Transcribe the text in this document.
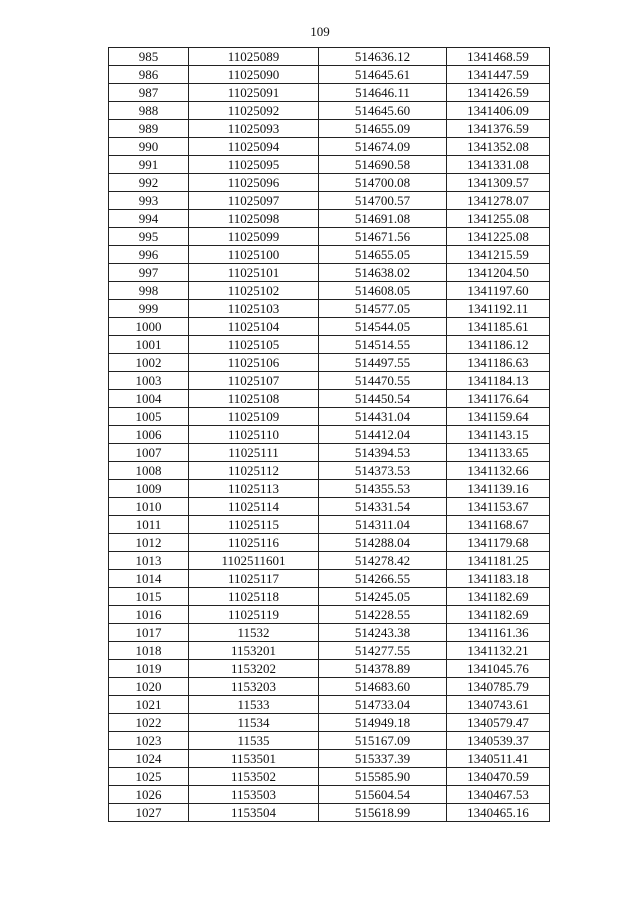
109
985	11025089	514636.12	1341468.59
986	11025090	514645.61	1341447.59
987	11025091	514646.11	1341426.59
988	11025092	514645.60	1341406.09
989	11025093	514655.09	1341376.59
990	11025094	514674.09	1341352.08
991	11025095	514690.58	1341331.08
992	11025096	514700.08	1341309.57
993	11025097	514700.57	1341278.07
994	11025098	514691.08	1341255.08
995	11025099	514671.56	1341225.08
996	11025100	514655.05	1341215.59
997	11025101	514638.02	1341204.50
998	11025102	514608.05	1341197.60
999	11025103	514577.05	1341192.11
1000	11025104	514544.05	1341185.61
1001	11025105	514514.55	1341186.12
1002	11025106	514497.55	1341186.63
1003	11025107	514470.55	1341184.13
1004	11025108	514450.54	1341176.64
1005	11025109	514431.04	1341159.64
1006	11025110	514412.04	1341143.15
1007	11025111	514394.53	1341133.65
1008	11025112	514373.53	1341132.66
1009	11025113	514355.53	1341139.16
1010	11025114	514331.54	1341153.67
1011	11025115	514311.04	1341168.67
1012	11025116	514288.04	1341179.68
1013	1102511601	514278.42	1341181.25
1014	11025117	514266.55	1341183.18
1015	11025118	514245.05	1341182.69
1016	11025119	514228.55	1341182.69
1017	11532	514243.38	1341161.36
1018	1153201	514277.55	1341132.21
1019	1153202	514378.89	1341045.76
1020	1153203	514683.60	1340785.79
1021	11533	514733.04	1340743.61
1022	11534	514949.18	1340579.47
1023	11535	515167.09	1340539.37
1024	1153501	515337.39	1340511.41
1025	1153502	515585.90	1340470.59
1026	1153503	515604.54	1340467.53
1027	1153504	515618.99	1340465.16
